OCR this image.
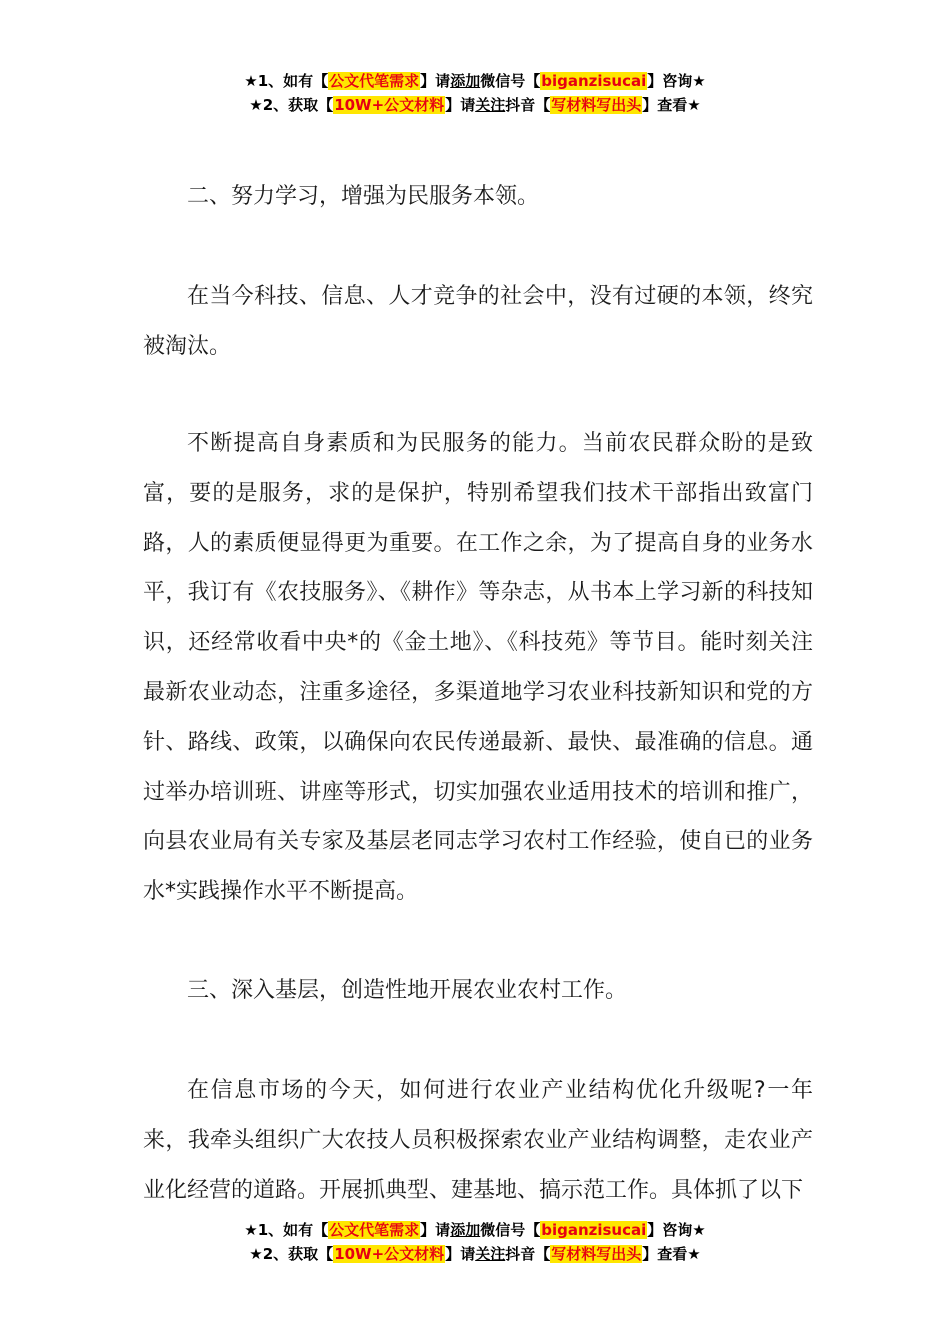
★1、如有【公文代笔需求】请添加微信号【biganzisucai】咨询★
★2、获取【10W+公文材料】请关注抖音【写材料写出头】查看★

二、努力学习，增强为民服务本领。

在当今科技、信息、人才竞争的社会中，没有过硬的本领，终究被淘汰。

不断提高自身素质和为民服务的能力。当前农民群众盼的是致富，要的是服务，求的是保护，特别希望我们技术干部指出致富门路，人的素质便显得更为重要。在工作之余，为了提高自身的业务水平，我订有《农技服务》、《耕作》等杂志，从书本上学习新的科技知识，还经常收看中央*的《金土地》、《科技苑》等节目。能时刻关注最新农业动态，注重多途径，多渠道地学习农业科技新知识和党的方针、路线、政策，以确保向农民传递最新、最快、最准确的信息。通过举办培训班、讲座等形式，切实加强农业适用技术的培训和推广，向县农业局有关专家及基层老同志学习农村工作经验，使自已的业务水*实践操作水平不断提高。

三、深入基层，创造性地开展农业农村工作。

在信息市场的今天，如何进行农业产业结构优化升级呢?一年来，我牵头组织广大农技人员积极探索农业产业结构调整，走农业产业化经营的道路。开展抓典型、建基地、搞示范工作。具体抓了以下

★1、如有【公文代笔需求】请添加微信号【biganzisucai】咨询★
★2、获取【10W+公文材料】请关注抖音【写材料写出头】查看★
